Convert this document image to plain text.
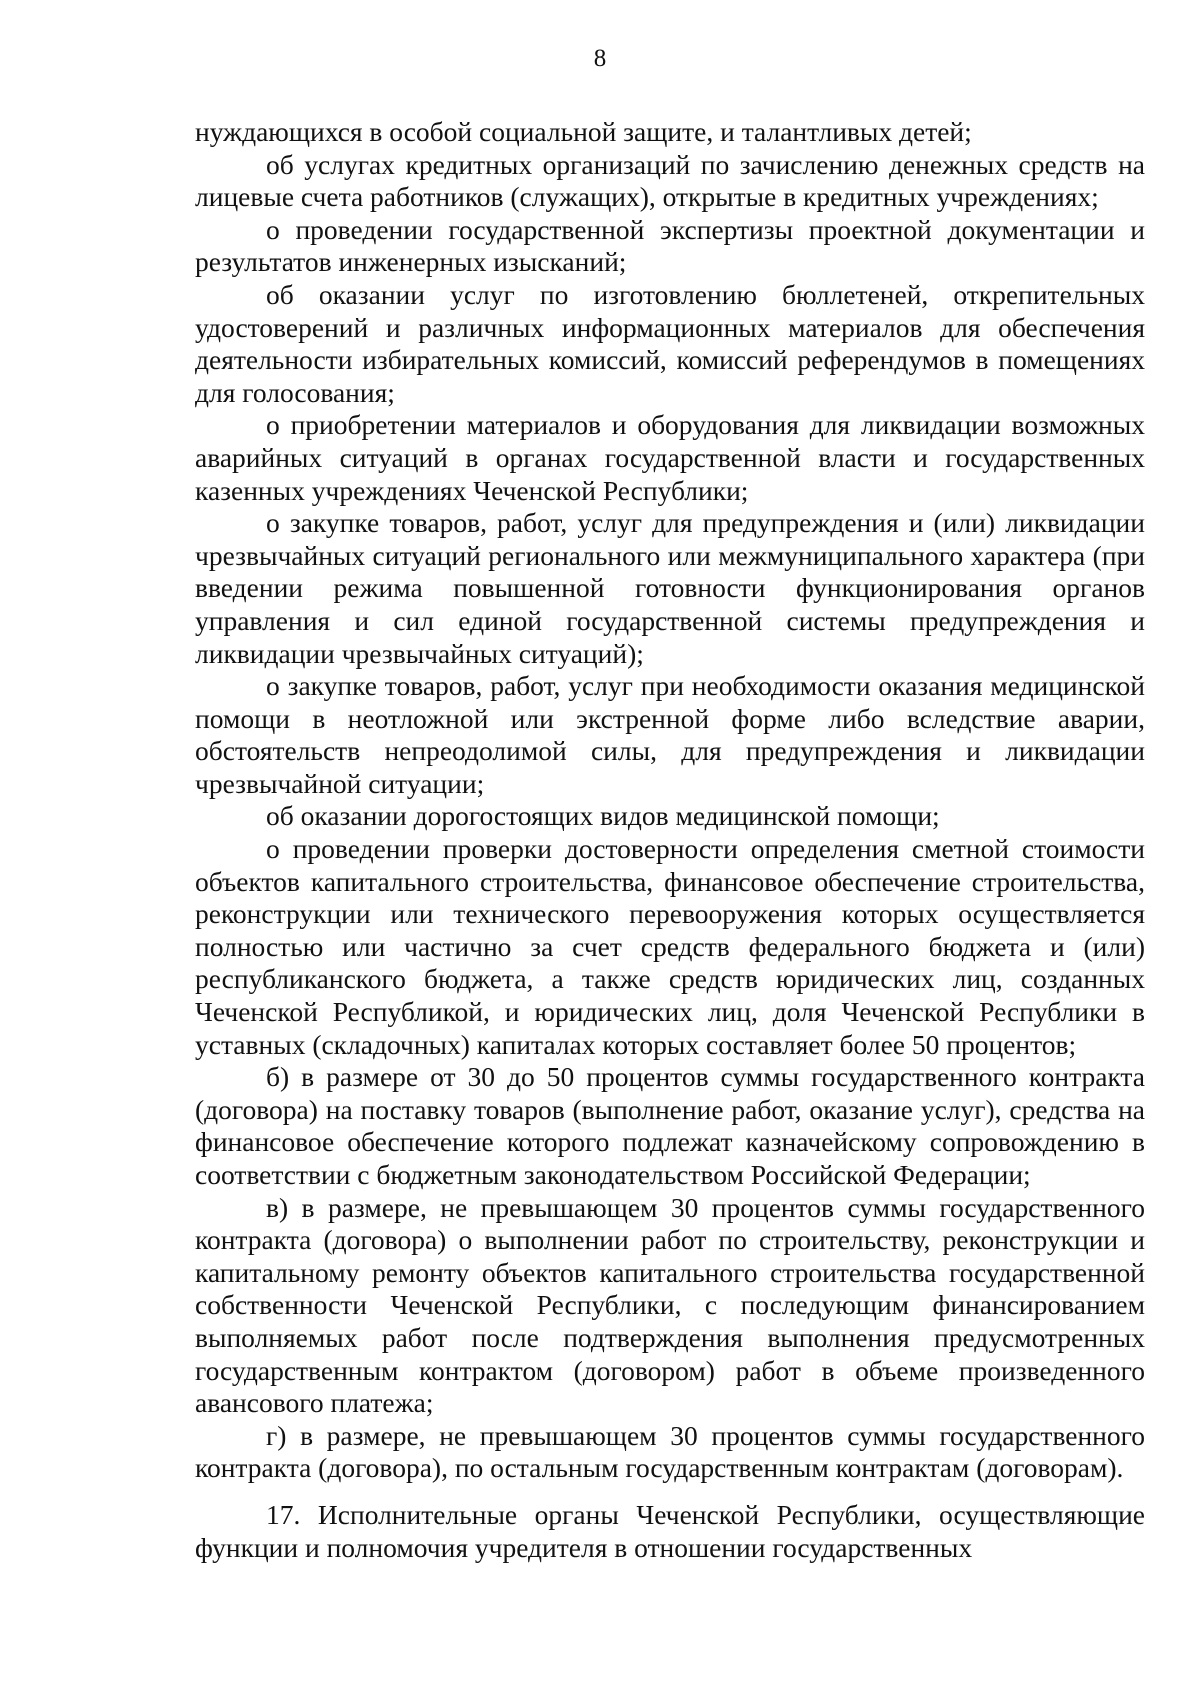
8

нуждающихся в особой социальной защите, и талантливых детей;

об услугах кредитных организаций по зачислению денежных средств на лицевые счета работников (служащих), открытые в кредитных учреждениях;

о проведении государственной экспертизы проектной документации и результатов инженерных изысканий;

об оказании услуг по изготовлению бюллетеней, открепительных удостоверений и различных информационных материалов для обеспечения деятельности избирательных комиссий, комиссий референдумов в помещениях для голосования;

о приобретении материалов и оборудования для ликвидации возможных аварийных ситуаций в органах государственной власти и государственных казенных учреждениях Чеченской Республики;

о закупке товаров, работ, услуг для предупреждения и (или) ликвидации чрезвычайных ситуаций регионального или межмуниципального характера (при введении режима повышенной готовности функционирования органов управления и сил единой государственной системы предупреждения и ликвидации чрезвычайных ситуаций);

о закупке товаров, работ, услуг при необходимости оказания медицинской помощи в неотложной или экстренной форме либо вследствие аварии, обстоятельств непреодолимой силы, для предупреждения и ликвидации чрезвычайной ситуации;

об оказании дорогостоящих видов медицинской помощи;

о проведении проверки достоверности определения сметной стоимости объектов капитального строительства, финансовое обеспечение строительства, реконструкции или технического перевооружения которых осуществляется полностью или частично за счет средств федерального бюджета и (или) республиканского бюджета, а также средств юридических лиц, созданных Чеченской Республикой, и юридических лиц, доля Чеченской Республики в уставных (складочных) капиталах которых составляет более 50 процентов;

б) в размере от 30 до 50 процентов суммы государственного контракта (договора) на поставку товаров (выполнение работ, оказание услуг), средства на финансовое обеспечение которого подлежат казначейскому сопровождению в соответствии с бюджетным законодательством Российской Федерации;

в) в размере, не превышающем 30 процентов суммы государственного контракта (договора) о выполнении работ по строительству, реконструкции и капитальному ремонту объектов капитального строительства государственной собственности Чеченской Республики, с последующим финансированием выполняемых работ после подтверждения выполнения предусмотренных государственным контрактом (договором) работ в объеме произведенного авансового платежа;

г) в размере, не превышающем 30 процентов суммы государственного контракта (договора), по остальным государственным контрактам (договорам).

17. Исполнительные органы Чеченской Республики, осуществляющие функции и полномочия учредителя в отношении государственных
